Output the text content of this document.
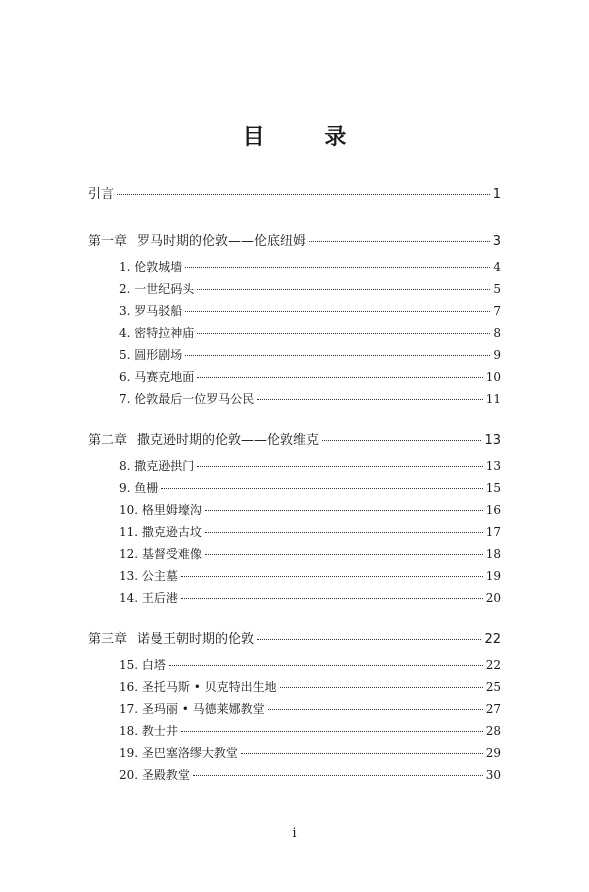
目 录
引言	1
第一章 罗马时期的伦敦——伦底纽姆	3
1. 伦敦城墙	4
2. 一世纪码头	5
3. 罗马驳船	7
4. 密特拉神庙	8
5. 圆形剧场	9
6. 马赛克地面	10
7. 伦敦最后一位罗马公民	11
第二章 撒克逊时期的伦敦——伦敦维克	13
8. 撒克逊拱门	13
9. 鱼栅	15
10. 格里姆壕沟	16
11. 撒克逊古坟	17
12. 基督受难像	18
13. 公主墓	19
14. 王后港	20
第三章 诺曼王朝时期的伦敦	22
15. 白塔	22
16. 圣托马斯 • 贝克特出生地	25
17. 圣玛丽 • 马德莱娜教堂	27
18. 教士井	28
19. 圣巴塞洛缪大教堂	29
20. 圣殿教堂	30
i
